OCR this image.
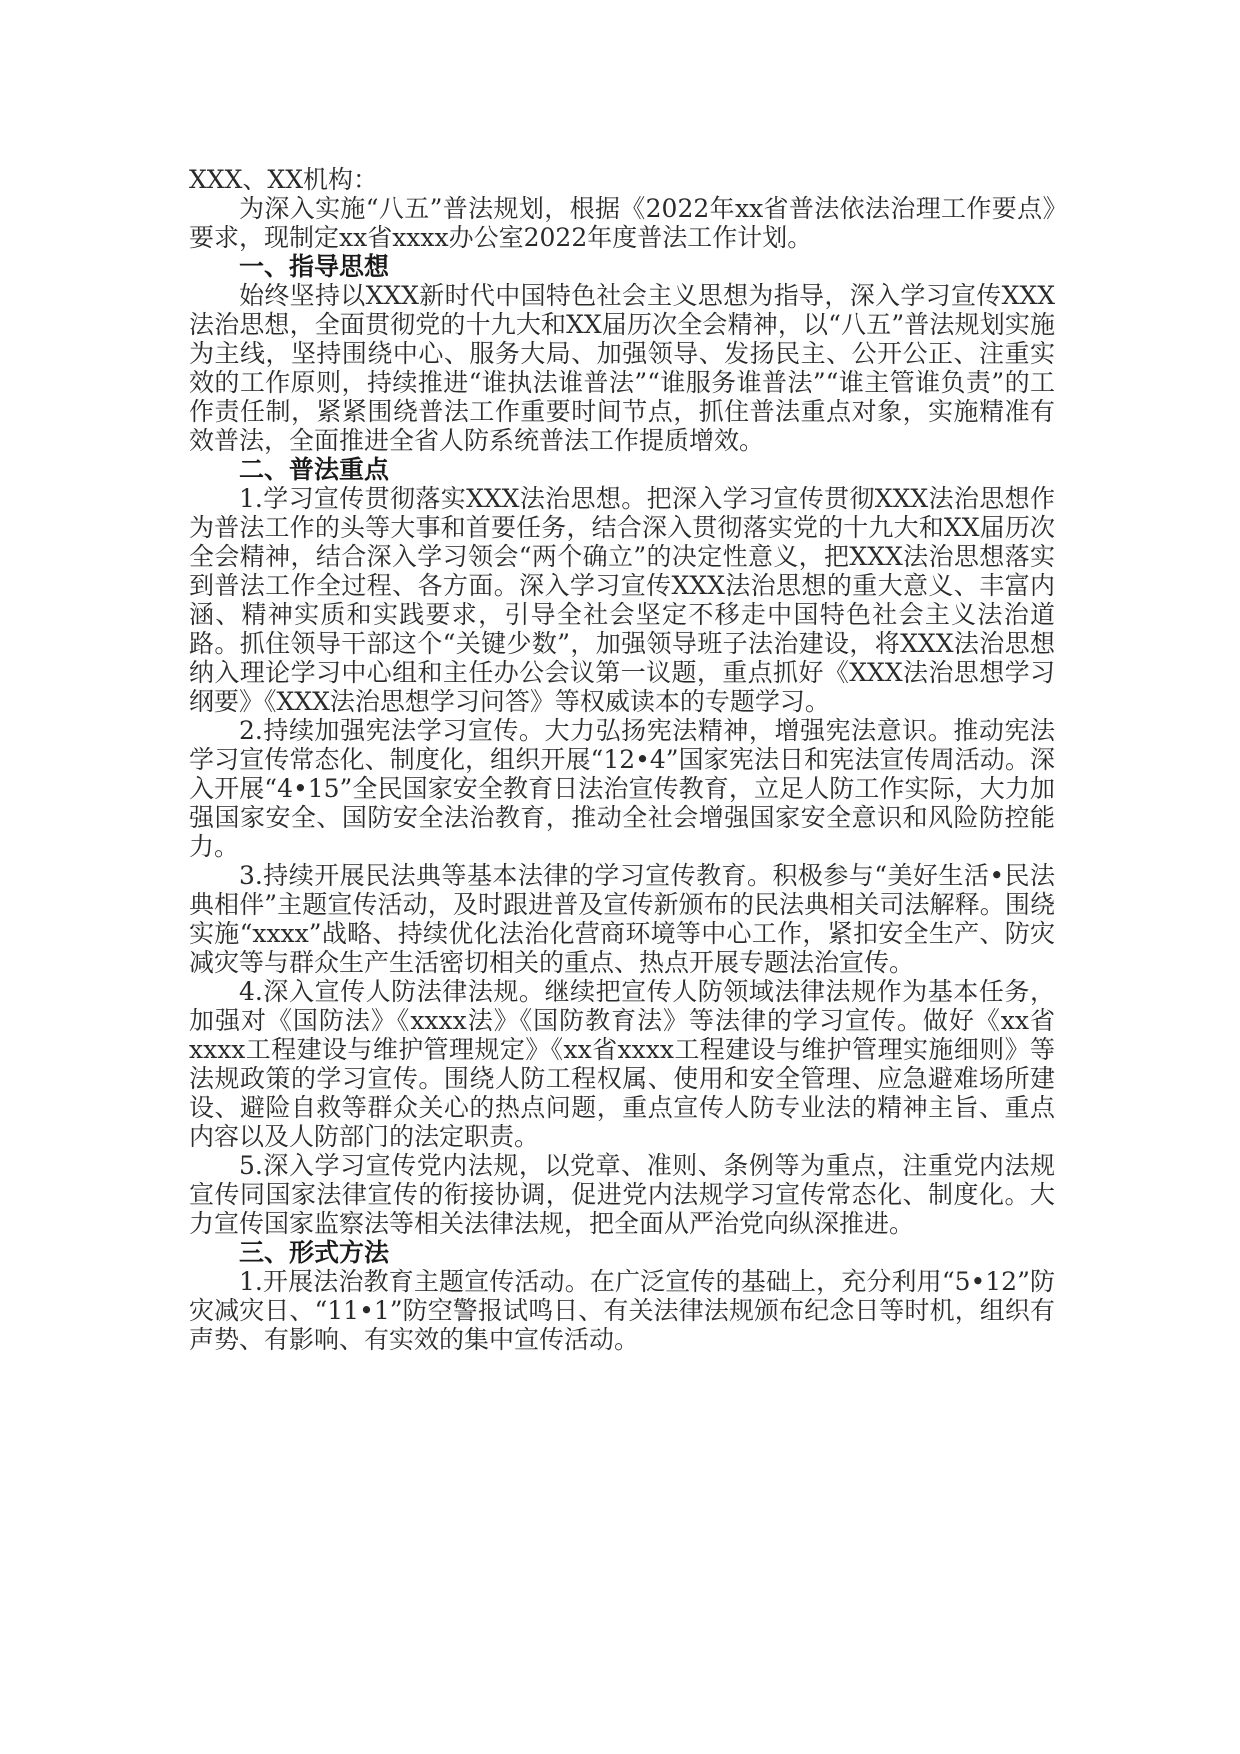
XXX、XX机构：

为深入实施“八五”普法规划，根据《2022年xx省普法依法治理工作要点》要求，现制定xx省xxxx办公室2022年度普法工作计划。

一、指导思想

始终坚持以XXX新时代中国特色社会主义思想为指导，深入学习宣传XXX法治思想，全面贯彻党的十九大和XX届历次全会精神，以“八五”普法规划实施为主线，坚持围绕中心、服务大局、加强领导、发扬民主、公开公正、注重实效的工作原则，持续推进“谁执法谁普法”“谁服务谁普法”“谁主管谁负责”的工作责任制，紧紧围绕普法工作重要时间节点，抓住普法重点对象，实施精准有效普法，全面推进全省人防系统普法工作提质增效。

二、普法重点

1.学习宣传贯彻落实XXX法治思想。把深入学习宣传贯彻XXX法治思想作为普法工作的头等大事和首要任务，结合深入贯彻落实党的十九大和XX届历次全会精神，结合深入学习领会“两个确立”的决定性意义，把XXX法治思想落实到普法工作全过程、各方面。深入学习宣传XXX法治思想的重大意义、丰富内涵、精神实质和实践要求，引导全社会坚定不移走中国特色社会主义法治道路。抓住领导干部这个“关键少数”，加强领导班子法治建设，将XXX法治思想纳入理论学习中心组和主任办公会议第一议题，重点抓好《XXX法治思想学习纲要》《XXX法治思想学习问答》等权威读本的专题学习。

2.持续加强宪法学习宣传。大力弘扬宪法精神，增强宪法意识。推动宪法学习宣传常态化、制度化，组织开展“12•4”国家宪法日和宪法宣传周活动。深入开展“4•15”全民国家安全教育日法治宣传教育，立足人防工作实际，大力加强国家安全、国防安全法治教育，推动全社会增强国家安全意识和风险防控能力。

3.持续开展民法典等基本法律的学习宣传教育。积极参与“美好生活•民法典相伴”主题宣传活动，及时跟进普及宣传新颁布的民法典相关司法解释。围绕实施“xxxx”战略、持续优化法治化营商环境等中心工作，紧扣安全生产、防灾减灾等与群众生产生活密切相关的重点、热点开展专题法治宣传。

4.深入宣传人防法律法规。继续把宣传人防领域法律法规作为基本任务，加强对《国防法》《xxxx法》《国防教育法》等法律的学习宣传。做好《xx省xxxx工程建设与维护管理规定》《xx省xxxx工程建设与维护管理实施细则》等法规政策的学习宣传。围绕人防工程权属、使用和安全管理、应急避难场所建设、避险自救等群众关心的热点问题，重点宣传人防专业法的精神主旨、重点内容以及人防部门的法定职责。

5.深入学习宣传党内法规，以党章、准则、条例等为重点，注重党内法规宣传同国家法律宣传的衔接协调，促进党内法规学习宣传常态化、制度化。大力宣传国家监察法等相关法律法规，把全面从严治党向纵深推进。

三、形式方法

1.开展法治教育主题宣传活动。在广泛宣传的基础上，充分利用“5•12”防灾减灾日、“11•1”防空警报试鸣日、有关法律法规颁布纪念日等时机，组织有声势、有影响、有实效的集中宣传活动。
